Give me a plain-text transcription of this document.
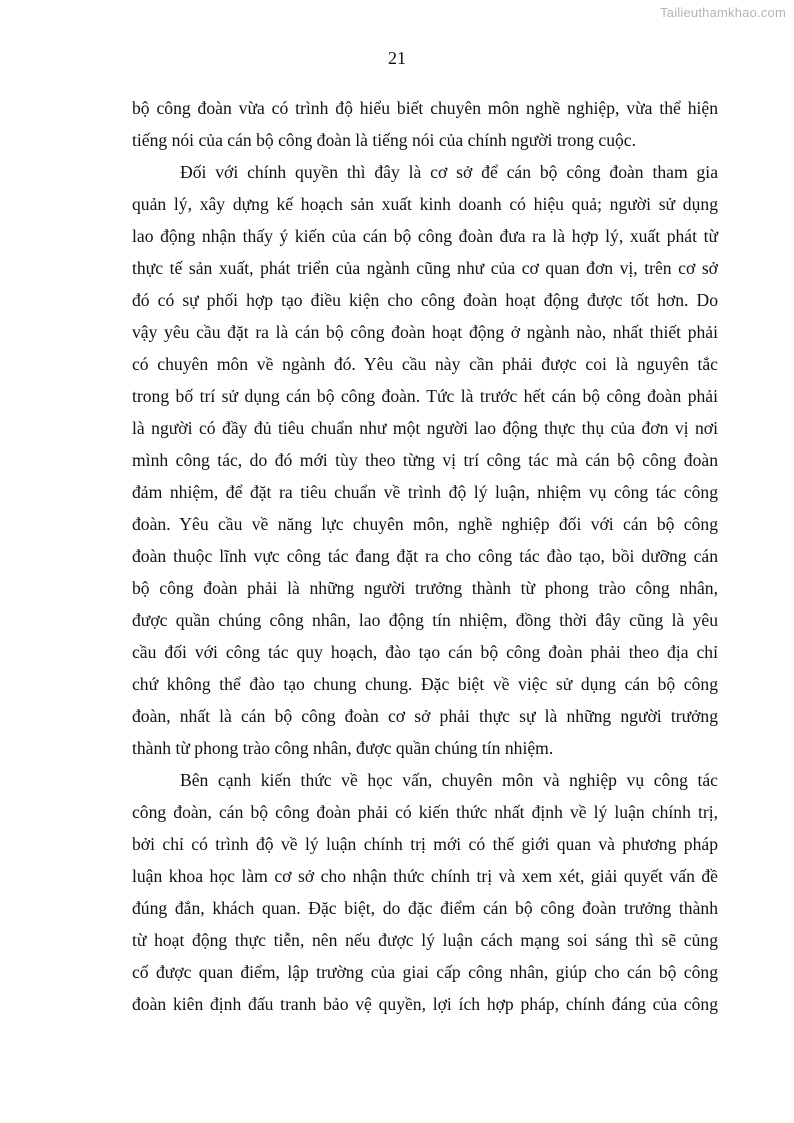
Tailieuthamkhao.com
21
bộ công đoàn vừa có trình độ hiểu biết chuyên môn nghề nghiệp, vừa thể hiện
tiếng nói của cán bộ công đoàn là tiếng nói của chính người trong cuộc.
Đối với chính quyền thì đây là cơ sở để cán bộ công đoàn tham gia
quản lý, xây dựng kế hoạch sản xuất kinh doanh có hiệu quả; người sử dụng
lao động nhận thấy ý kiến của cán bộ công đoàn đưa ra là hợp lý, xuất phát từ
thực tế sản xuất, phát triển của ngành cũng như của cơ quan đơn vị, trên cơ sở
đó có sự phối hợp tạo điều kiện cho công đoàn hoạt động được tốt hơn. Do
vậy yêu cầu đặt ra là cán bộ công đoàn hoạt động ở ngành nào, nhất thiết phải
có chuyên môn về ngành đó. Yêu cầu này cần phải được coi là nguyên tắc
trong bố trí sử dụng cán bộ công đoàn. Tức là trước hết cán bộ công đoàn phải
là người có đầy đủ tiêu chuẩn như một người lao động thực thụ của đơn vị nơi
mình công tác, do đó mới tùy theo từng vị trí công tác mà cán bộ công đoàn
đảm nhiệm, để đặt ra tiêu chuẩn về trình độ lý luận, nhiệm vụ công tác công
đoàn. Yêu cầu về năng lực chuyên môn, nghề nghiệp đối với cán bộ công
đoàn thuộc lĩnh vực công tác đang đặt ra cho công tác đào tạo, bồi dưỡng cán
bộ công đoàn phải là những người trưởng thành từ phong trào công nhân,
được quần chúng công nhân, lao động tín nhiệm, đồng thời đây cũng là yêu
cầu đối với công tác quy hoạch, đào tạo cán bộ công đoàn phải theo địa chỉ
chứ không thể đào tạo chung chung. Đặc biệt về việc sử dụng cán bộ công
đoàn, nhất là cán bộ công đoàn cơ sở phải thực sự là những người trưởng
thành từ phong trào công nhân, được quần chúng tín nhiệm.
Bên cạnh kiến thức về học vấn, chuyên môn và nghiệp vụ công tác
công đoàn, cán bộ công đoàn phải có kiến thức nhất định về lý luận chính trị,
bởi chỉ có trình độ về lý luận chính trị mới có thế giới quan và phương pháp
luận khoa học làm cơ sở cho nhận thức chính trị và xem xét, giải quyết vấn đề
đúng đắn, khách quan. Đặc biệt, do đặc điểm cán bộ công đoàn trưởng thành
từ hoạt động thực tiễn, nên nếu được lý luận cách mạng soi sáng thì sẽ củng
cố được quan điểm, lập trường của giai cấp công nhân, giúp cho cán bộ công
đoàn kiên định đấu tranh bảo vệ quyền, lợi ích hợp pháp, chính đáng của công
